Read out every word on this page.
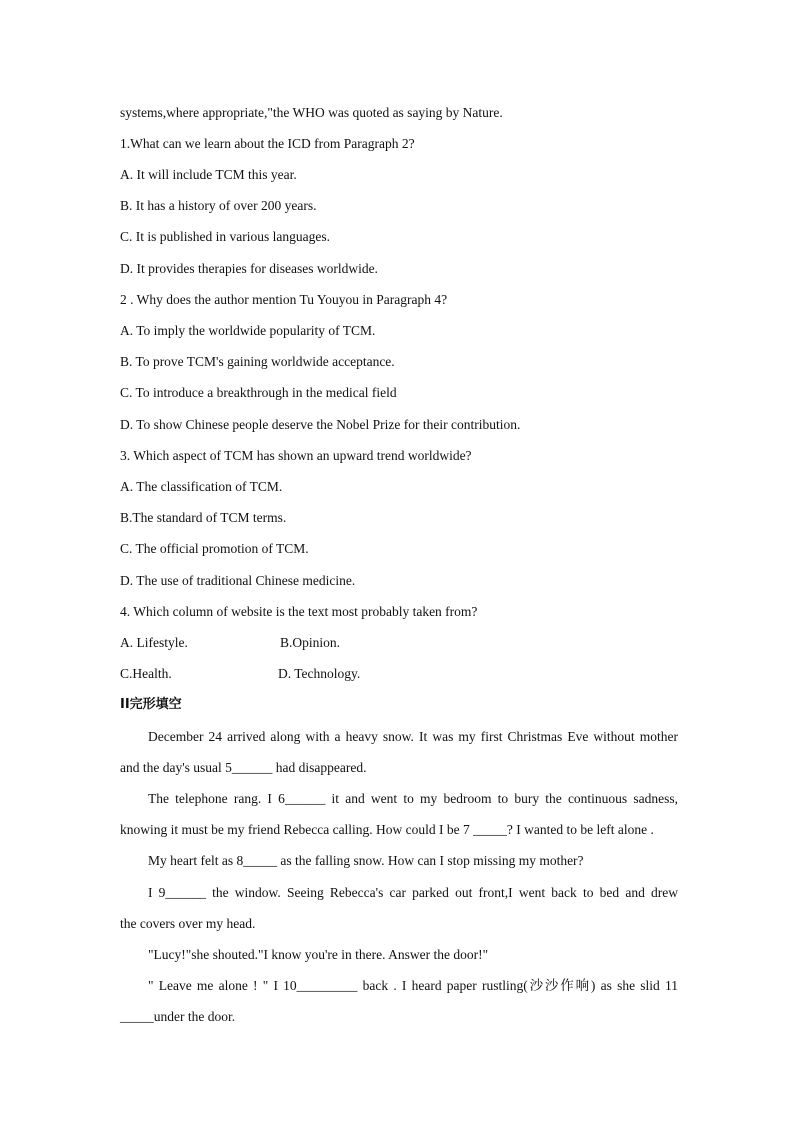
systems,where appropriate,"the WHO was quoted as saying by Nature.
1.What can we learn about the ICD from Paragraph 2?
A. It will include TCM this year.
B. It has a history of over 200 years.
C. It is published in various languages.
D. It provides therapies for diseases worldwide.
2 . Why does the author mention Tu Youyou in Paragraph 4?
A. To imply the worldwide popularity of TCM.
B. To prove TCM's gaining worldwide acceptance.
C. To introduce a breakthrough in the medical field
D. To show Chinese people deserve the Nobel Prize for their contribution.
3. Which aspect of TCM has shown an upward trend worldwide?
A. The classification of TCM.
B.The standard of TCM terms.
C. The official promotion of TCM.
D. The use of traditional Chinese medicine.
4. Which column of website is the text most probably taken from?
A. Lifestyle.	B.Opinion.
C.Health.	D. Technology.
II完形填空
December 24 arrived along with a heavy snow. It was my first Christmas Eve without mother
and the day's usual 5______ had disappeared.
The telephone rang. I 6______ it and went to my bedroom to bury the continuous sadness,
knowing it must be my friend Rebecca calling. How could I be 7 _____? I wanted to be left alone .
My heart felt as 8_____ as the falling snow. How can I stop missing my mother?
I 9______ the window. Seeing Rebecca's car parked out front,I went back to bed and drew
the covers over my head.
"Lucy!"she shouted."I know you're in there. Answer the door!"
" Leave me alone ! " I 10_________ back . I heard paper rustling(沙沙作响) as she slid 11
_____under the door.
